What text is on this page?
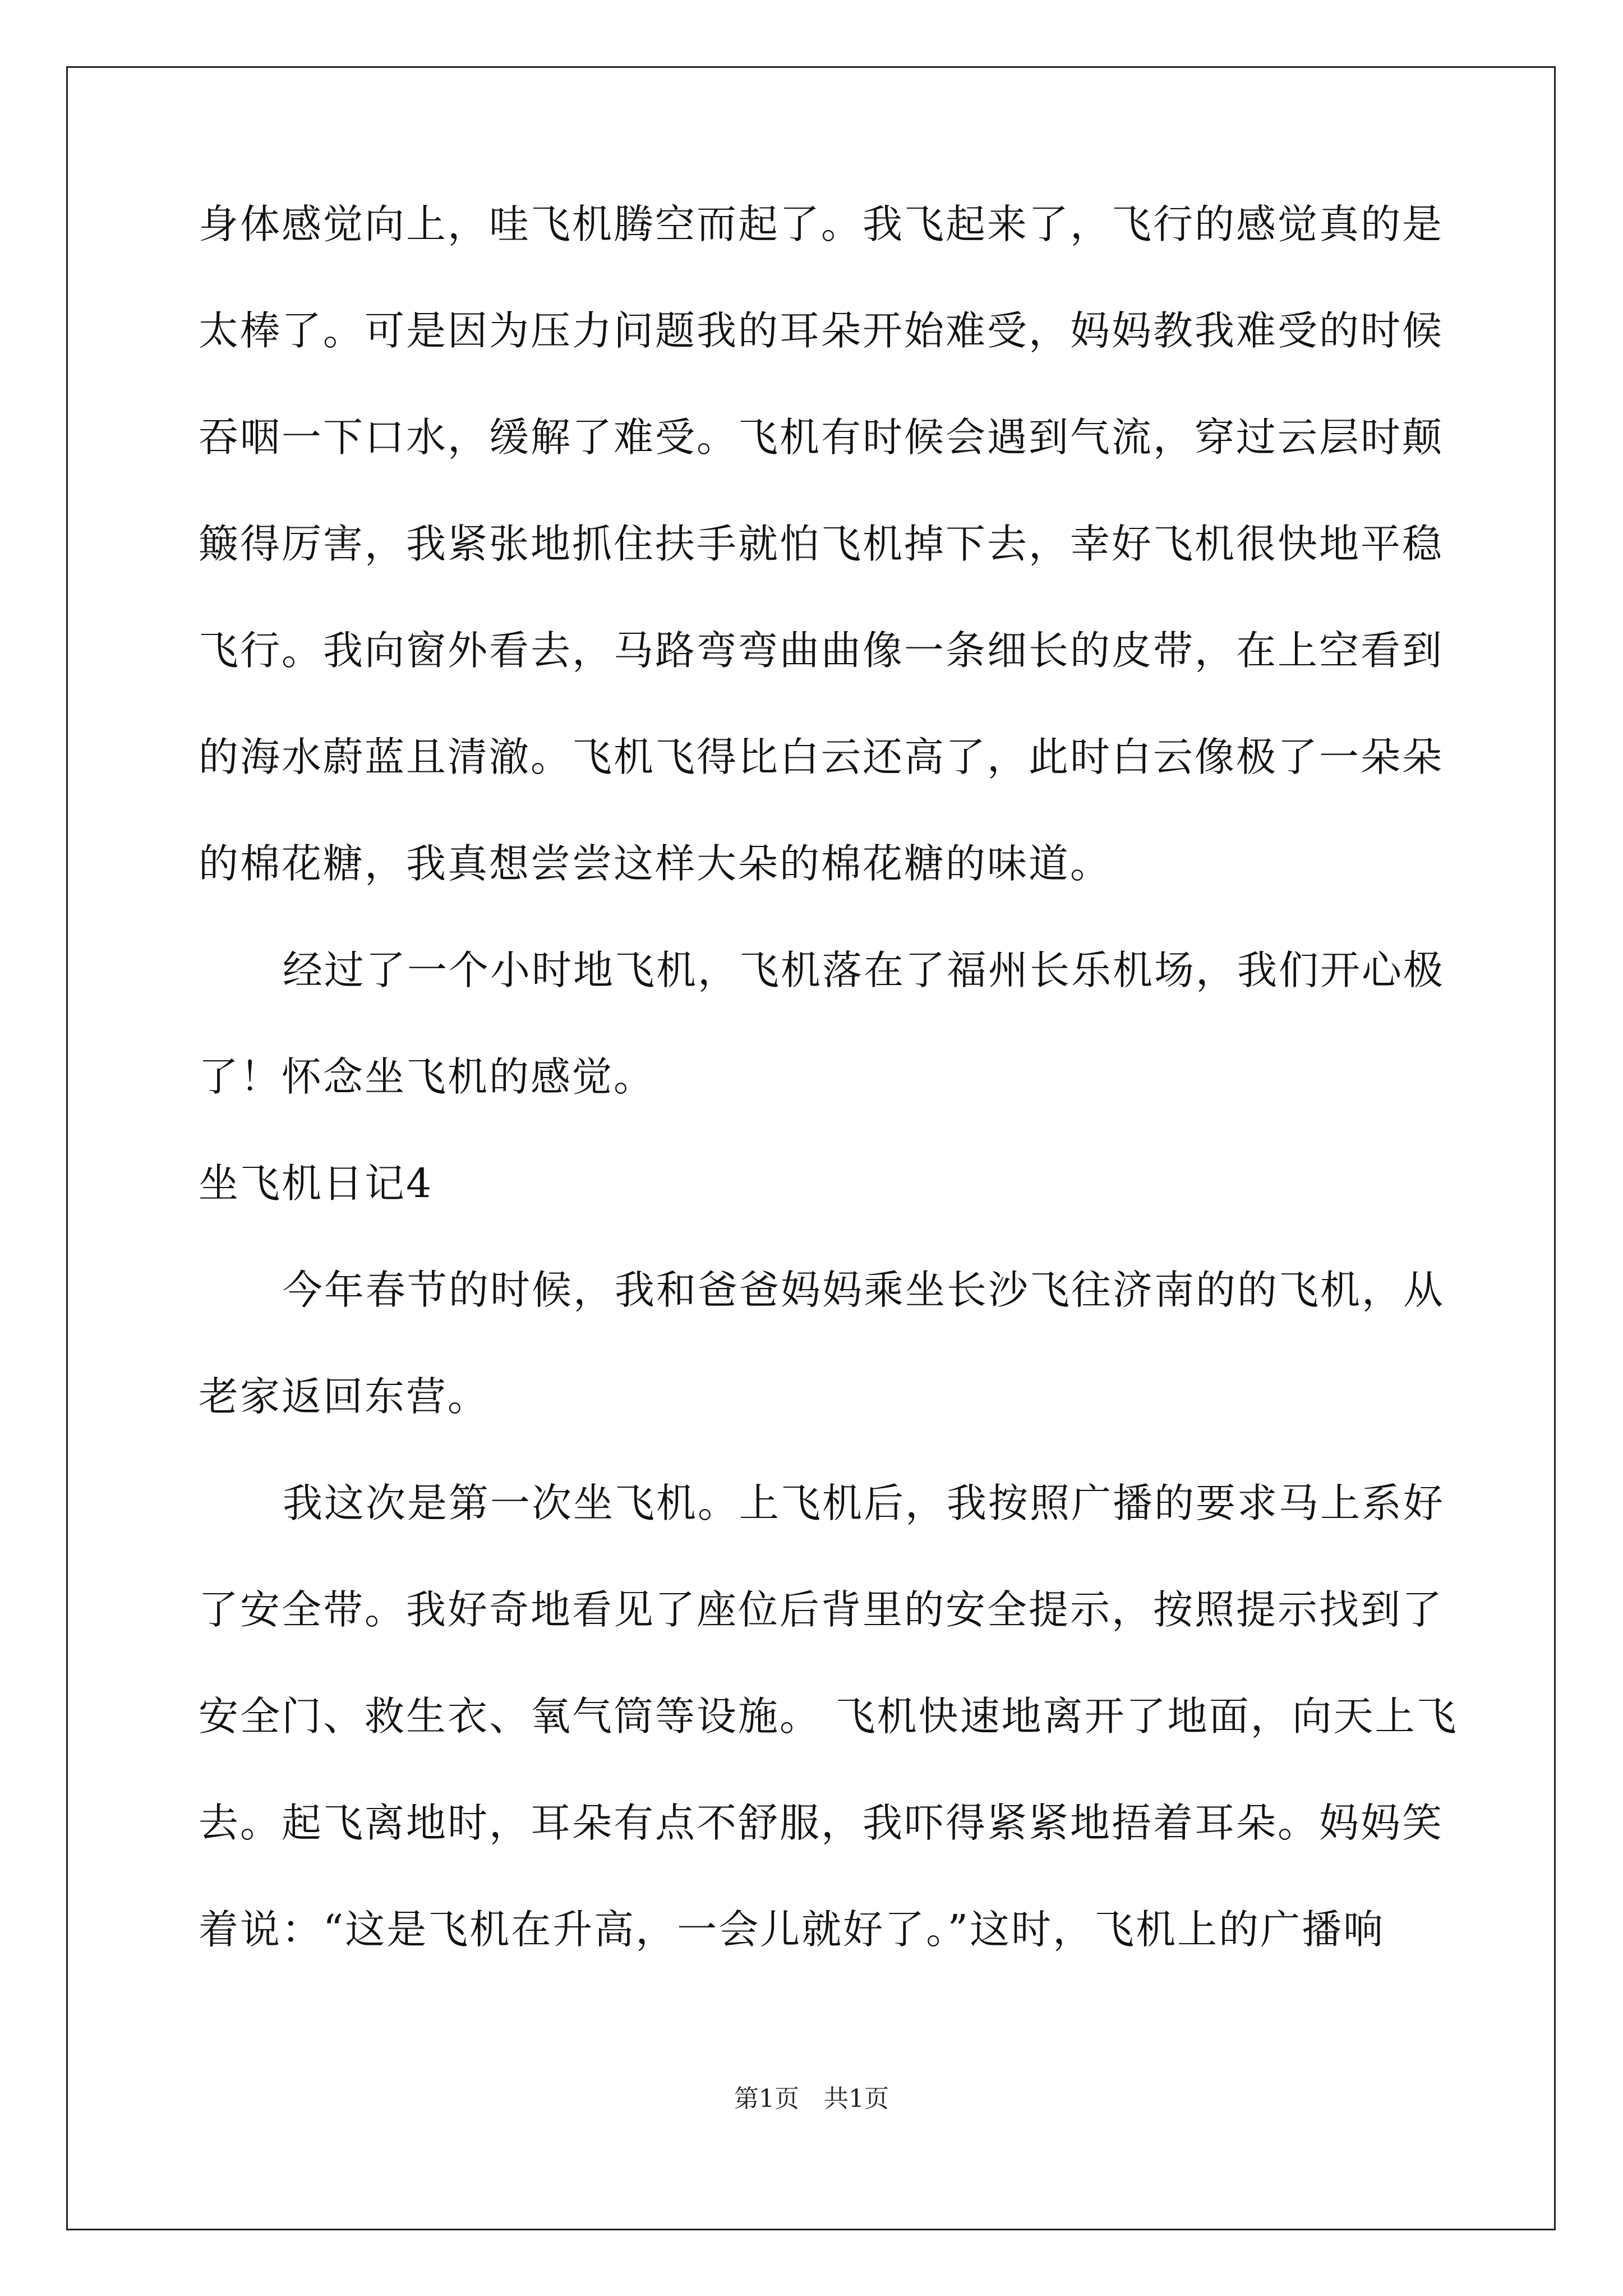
身体感觉向上，哇飞机腾空而起了。我飞起来了，飞行的感觉真的是
太棒了。可是因为压力问题我的耳朵开始难受，妈妈教我难受的时候
吞咽一下口水，缓解了难受。飞机有时候会遇到气流，穿过云层时颠
簸得厉害，我紧张地抓住扶手就怕飞机掉下去，幸好飞机很快地平稳
飞行。我向窗外看去，马路弯弯曲曲像一条细长的皮带，在上空看到
的海水蔚蓝且清澈。飞机飞得比白云还高了，此时白云像极了一朵朵
的棉花糖，我真想尝尝这样大朵的棉花糖的味道。
经过了一个小时地飞机，飞机落在了福州长乐机场，我们开心极
了！怀念坐飞机的感觉。
坐飞机日记4
今年春节的时候，我和爸爸妈妈乘坐长沙飞往济南的的飞机，从
老家返回东营。
我这次是第一次坐飞机。上飞机后，我按照广播的要求马上系好
了安全带。我好奇地看见了座位后背里的安全提示，按照提示找到了
安全门、救生衣、氧气筒等设施。 飞机快速地离开了地面，向天上飞
去。起飞离地时，耳朵有点不舒服，我吓得紧紧地捂着耳朵。妈妈笑
着说：“这是飞机在升高，一会儿就好了。”这时，飞机上的广播响
第1页　共1页
